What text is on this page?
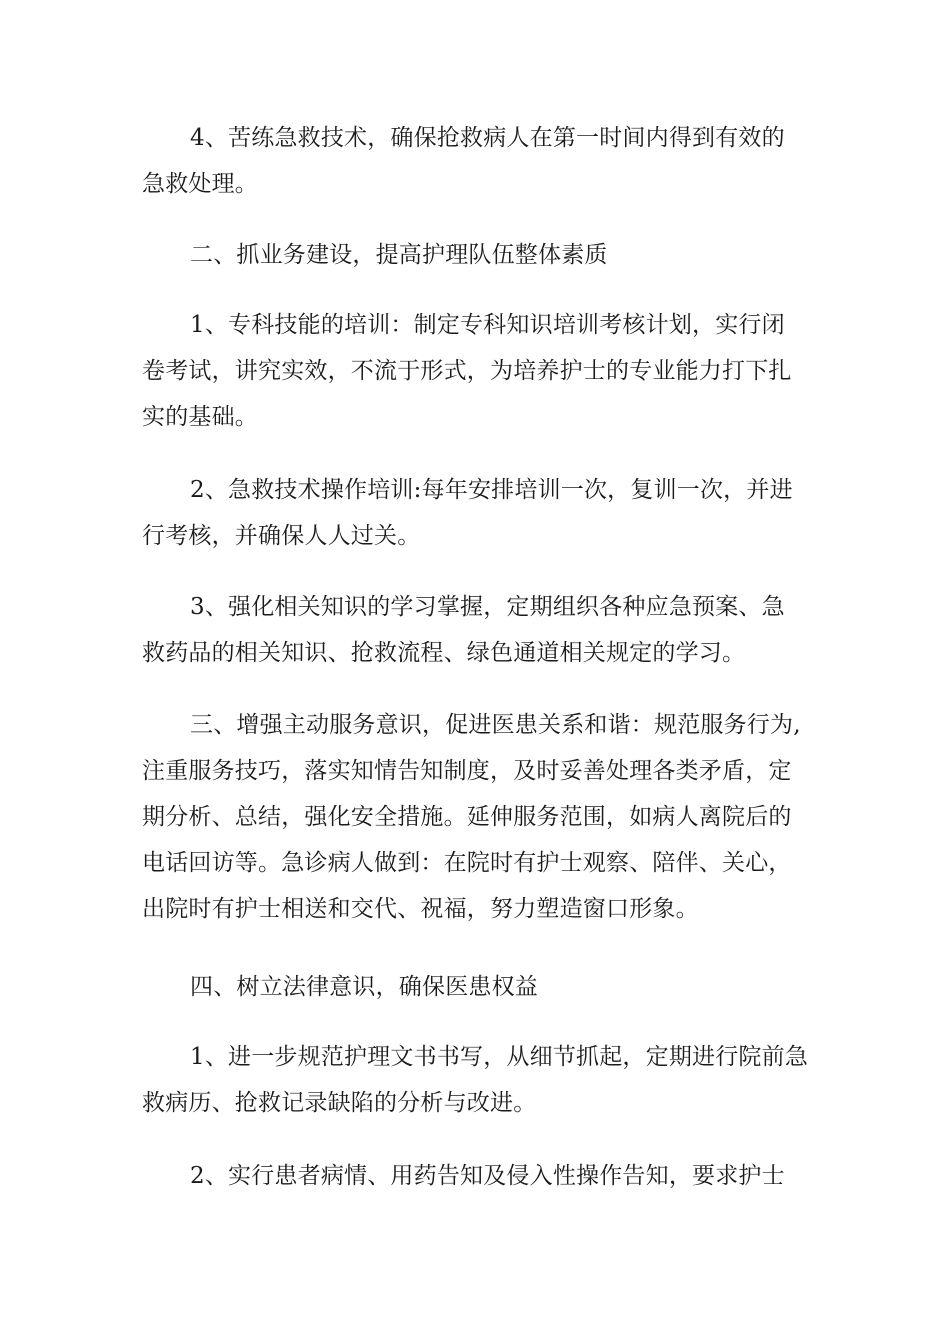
4、苦练急救技术，确保抢救病人在第一时间内得到有效的
急救处理。

二、抓业务建设，提高护理队伍整体素质

1、专科技能的培训：制定专科知识培训考核计划，实行闭
卷考试，讲究实效，不流于形式，为培养护士的专业能力打下扎
实的基础。

2、急救技术操作培训:每年安排培训一次，复训一次，并进
行考核，并确保人人过关。

3、强化相关知识的学习掌握，定期组织各种应急预案、急
救药品的相关知识、抢救流程、绿色通道相关规定的学习。

三、增强主动服务意识，促进医患关系和谐：规范服务行为,
注重服务技巧，落实知情告知制度，及时妥善处理各类矛盾，定
期分析、总结，强化安全措施。延伸服务范围，如病人离院后的
电话回访等。急诊病人做到：在院时有护士观察、陪伴、关心，
出院时有护士相送和交代、祝福，努力塑造窗口形象。

四、树立法律意识，确保医患权益

1、进一步规范护理文书书写，从细节抓起，定期进行院前急
救病历、抢救记录缺陷的分析与改进。

2、实行患者病情、用药告知及侵入性操作告知，要求护士
